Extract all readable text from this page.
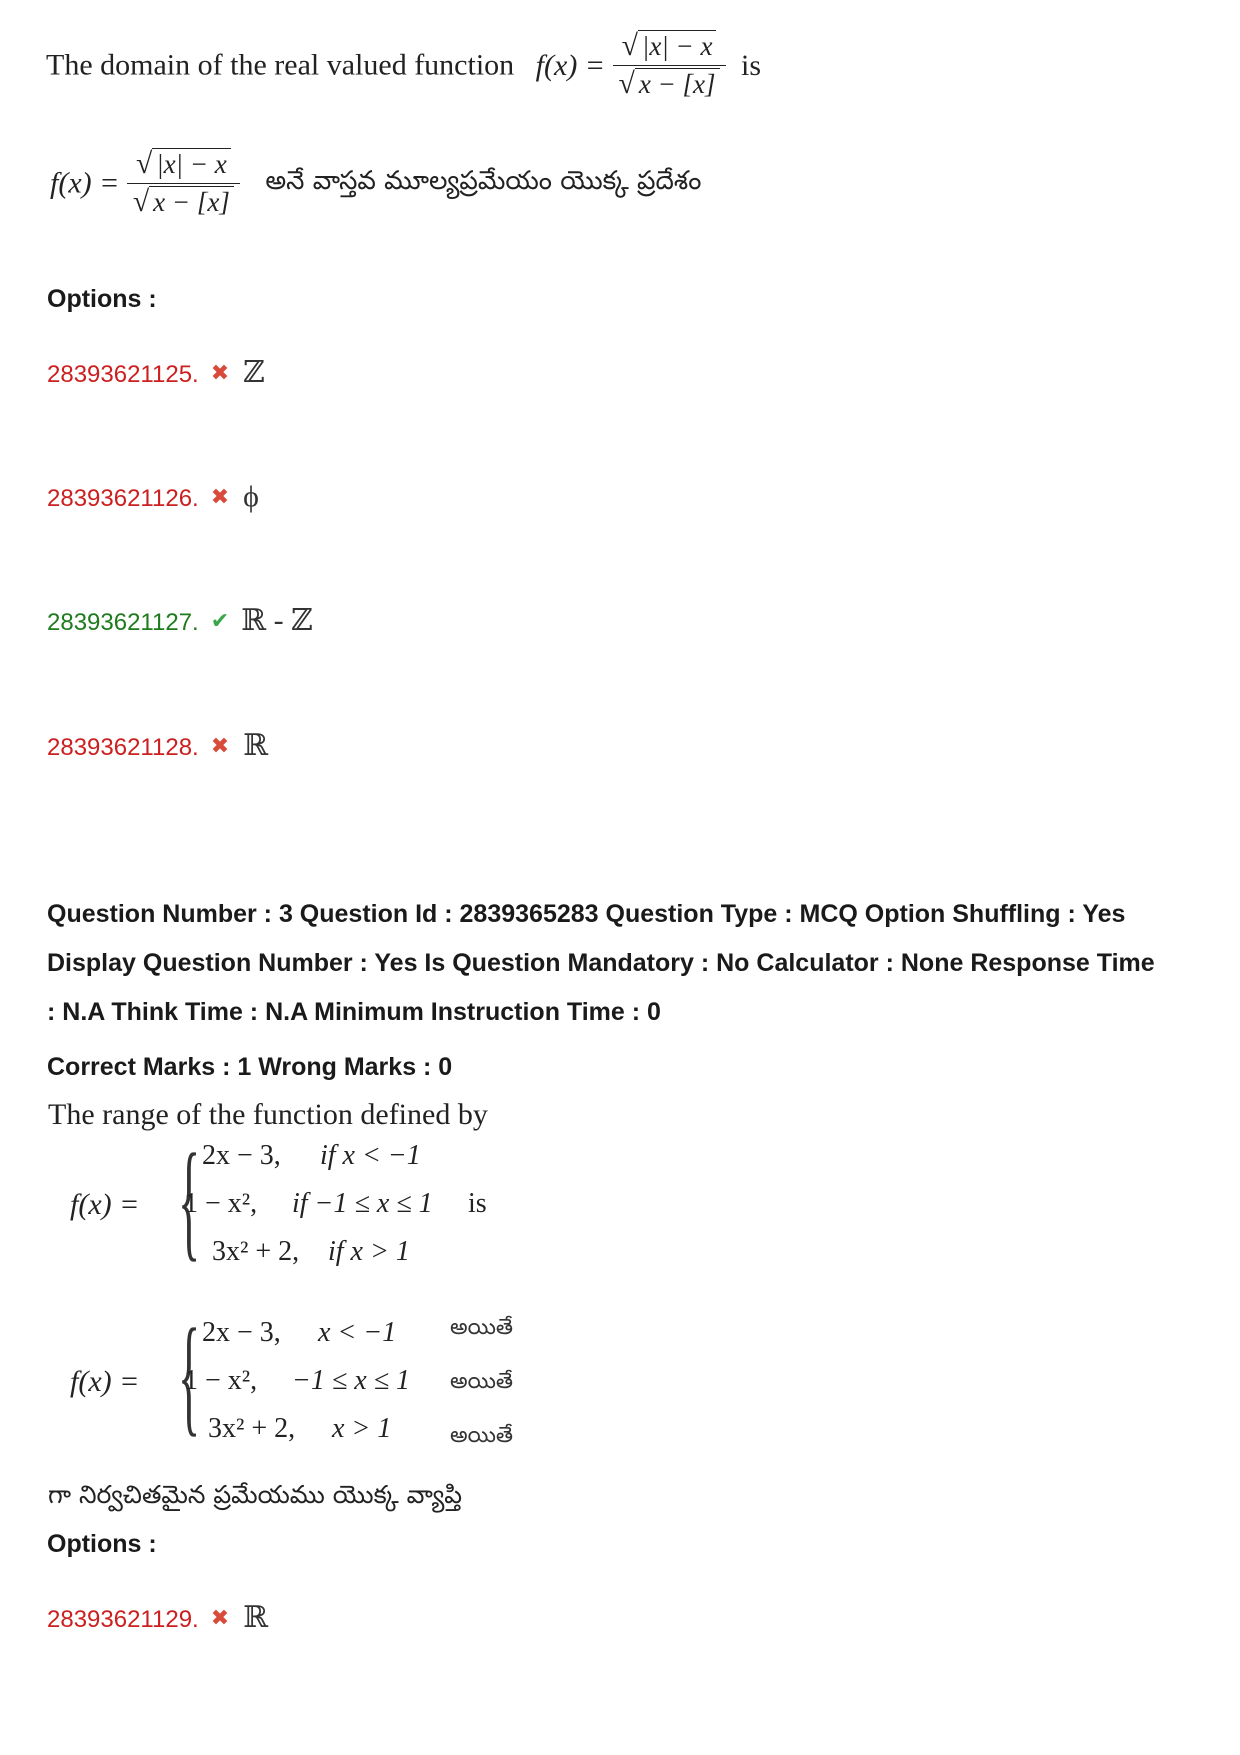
The domain of the real valued function $f(x) = \frac{√ |x| - x}{√ x - [x]}$ is
$f(x) = \frac{√ |x| - x}{√ x - [x]}$ అనే వాస్తవ మూల్యప్రమేయం యొక్క ప్రదేశం
Options :
28393621125. ✖ ℤ
28393621126. ✖ ϕ
28393621127. ✔ ℝ - ℤ
28393621128. ✖ ℝ
Question Number : 3 Question Id : 2839365283 Question Type : MCQ Option Shuffling : Yes
Display Question Number : Yes Is Question Mandatory : No Calculator : None Response Time
: N.A Think Time : N.A Minimum Instruction Time : 0
Correct Marks : 1 Wrong Marks : 0
The range of the function defined by
f(x) = { 2x − 3, if x < −1
1 − x², if −1 ≤ x ≤ 1 is
3x² + 2, if x > 1
f(x) = { 2x − 3, x < −1 అయితే
1 − x², −1 ≤ x ≤ 1 అయితే
3x² + 2, x > 1	అయితే
గా నిర్వచితమైన ప్రమేయము యొక్క వ్యాప్తి
Options :
28393621129. ✖ ℝ
